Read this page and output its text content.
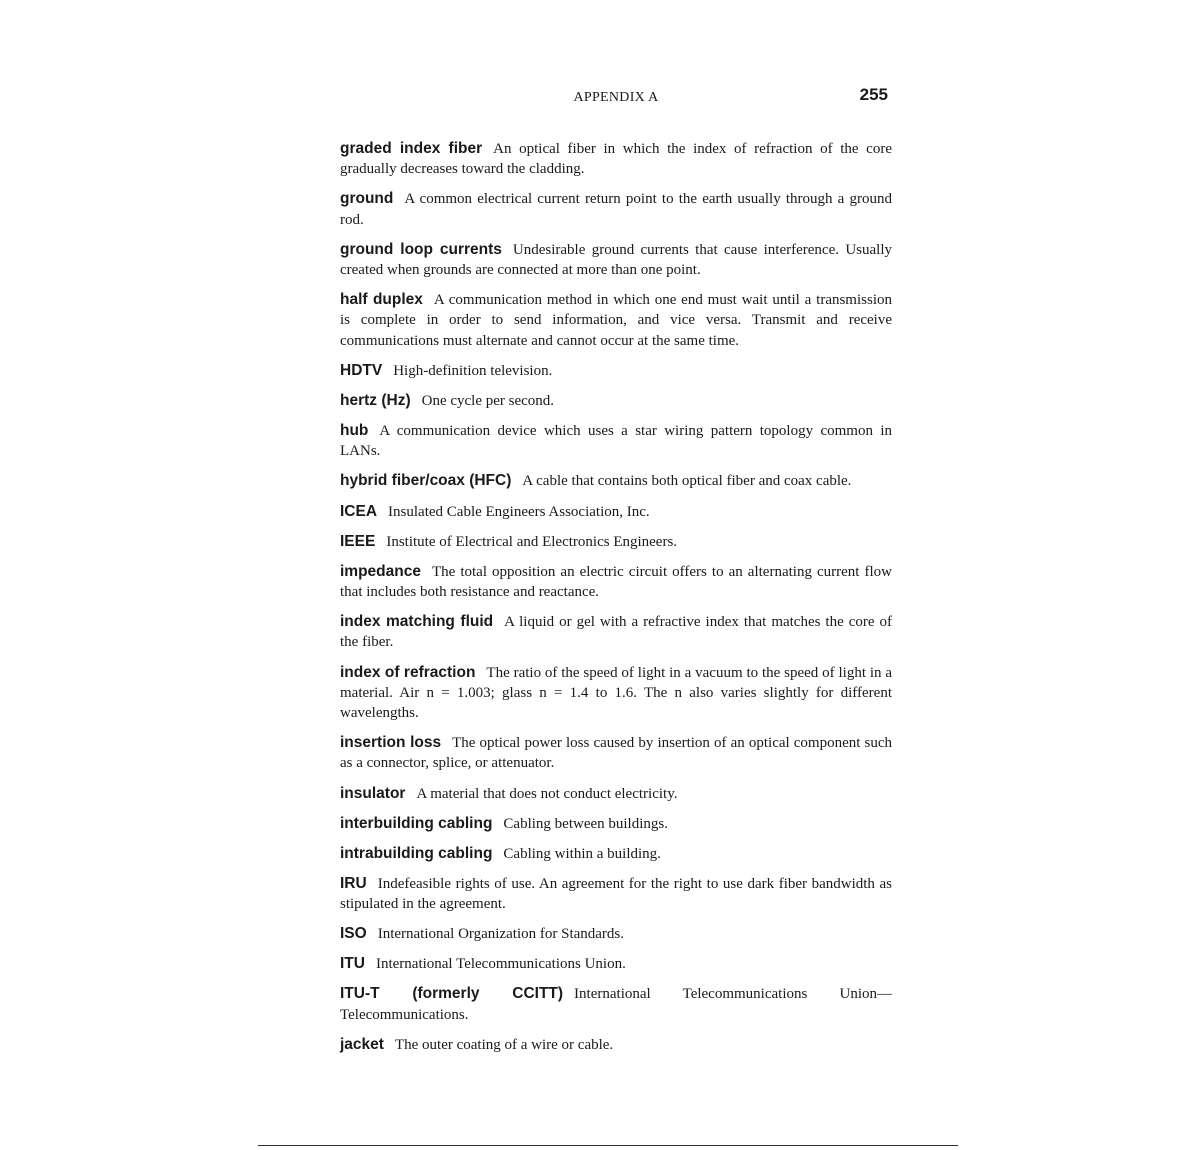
APPENDIX A	255

graded index fiber An optical fiber in which the index of refraction of the core gradually decreases toward the cladding.

ground A common electrical current return point to the earth usually through a ground rod.

ground loop currents Undesirable ground currents that cause interference. Usually created when grounds are connected at more than one point.

half duplex A communication method in which one end must wait until a transmission is complete in order to send information, and vice versa. Transmit and receive communications must alternate and cannot occur at the same time.

HDTV High-definition television.

hertz (Hz) One cycle per second.

hub A communication device which uses a star wiring pattern topology common in LANs.

hybrid fiber/coax (HFC) A cable that contains both optical fiber and coax cable.

ICEA Insulated Cable Engineers Association, Inc.

IEEE Institute of Electrical and Electronics Engineers.

impedance The total opposition an electric circuit offers to an alternating current flow that includes both resistance and reactance.

index matching fluid A liquid or gel with a refractive index that matches the core of the fiber.

index of refraction The ratio of the speed of light in a vacuum to the speed of light in a material. Air n = 1.003; glass n = 1.4 to 1.6. The n also varies slightly for different wavelengths.

insertion loss The optical power loss caused by insertion of an optical component such as a connector, splice, or attenuator.

insulator A material that does not conduct electricity.

interbuilding cabling Cabling between buildings.

intrabuilding cabling Cabling within a building.

IRU Indefeasible rights of use. An agreement for the right to use dark fiber bandwidth as stipulated in the agreement.

ISO International Organization for Standards.

ITU International Telecommunications Union.

ITU-T (formerly CCITT) International Telecommunications Union—Telecommunications.

jacket The outer coating of a wire or cable.
